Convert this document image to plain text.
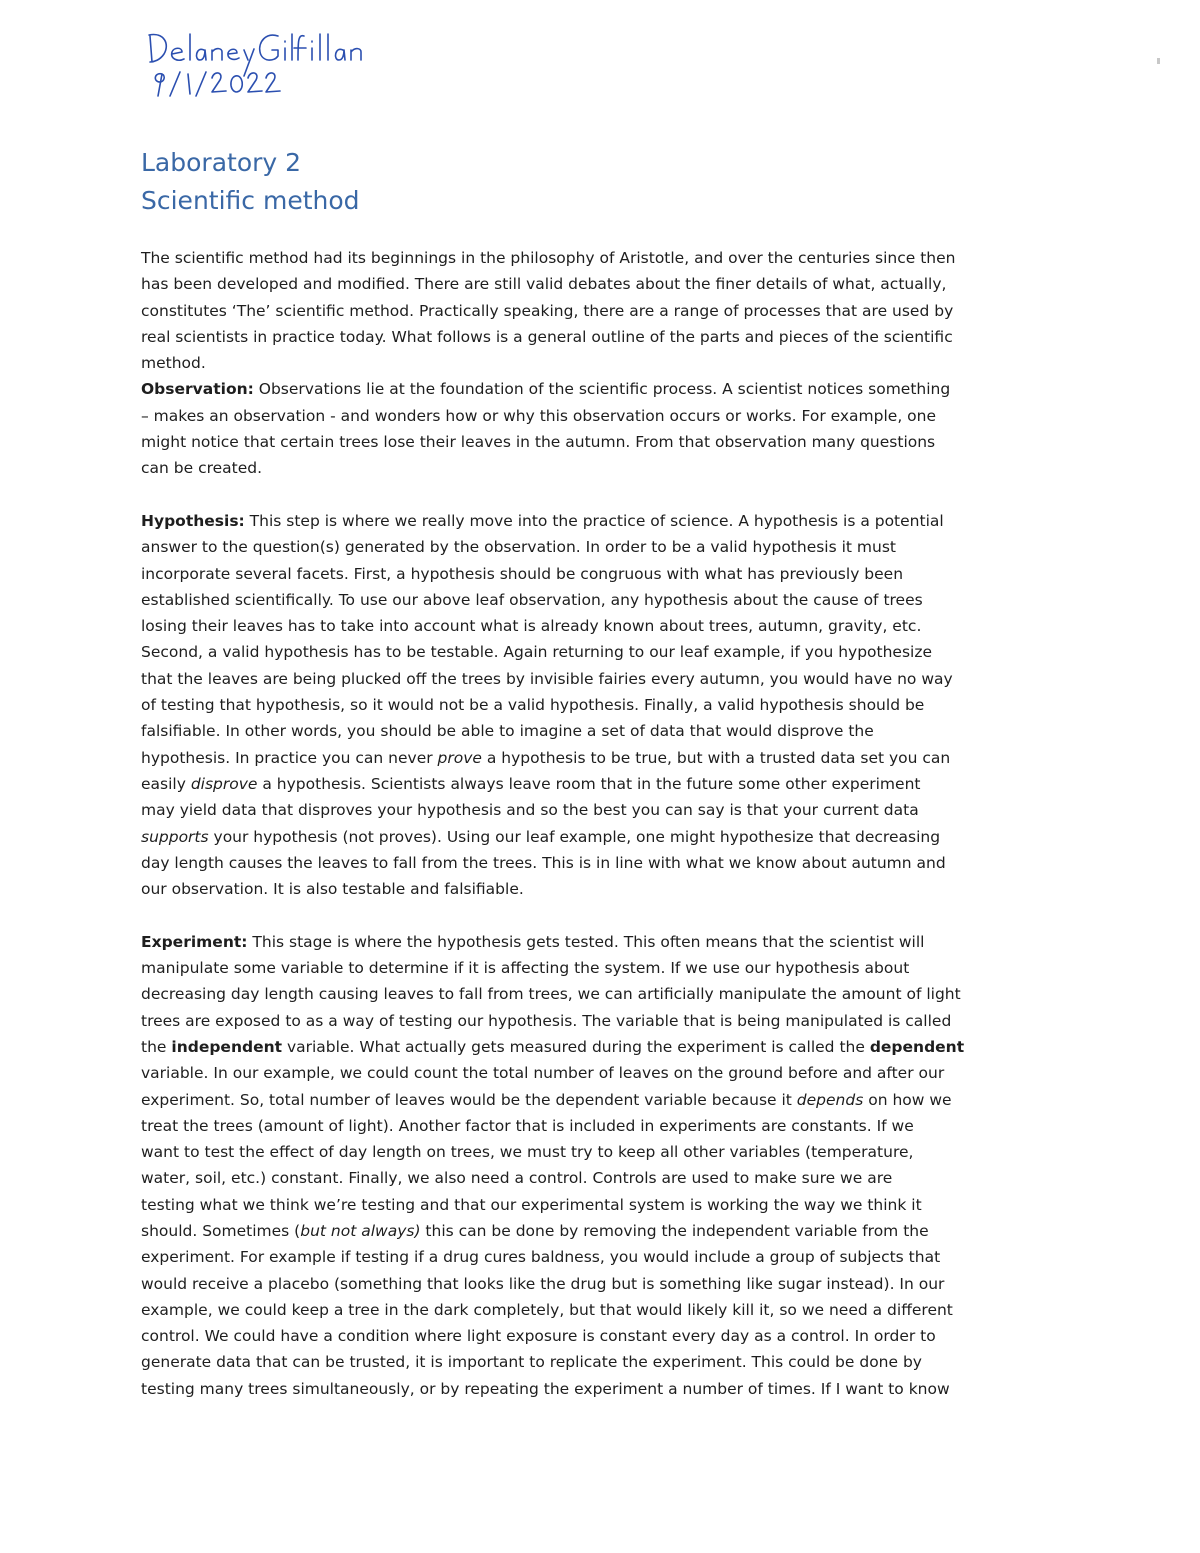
Laboratory 2
Scientific method
The scientific method had its beginnings in the philosophy of Aristotle, and over the centuries since then
has been developed and modified. There are still valid debates about the finer details of what, actually,
constitutes ‘The’ scientific method. Practically speaking, there are a range of processes that are used by
real scientists in practice today. What follows is a general outline of the parts and pieces of the scientific
method.
Observation: Observations lie at the foundation of the scientific process. A scientist notices something
– makes an observation - and wonders how or why this observation occurs or works. For example, one
might notice that certain trees lose their leaves in the autumn. From that observation many questions
can be created.
Hypothesis: This step is where we really move into the practice of science. A hypothesis is a potential
answer to the question(s) generated by the observation. In order to be a valid hypothesis it must
incorporate several facets. First, a hypothesis should be congruous with what has previously been
established scientifically. To use our above leaf observation, any hypothesis about the cause of trees
losing their leaves has to take into account what is already known about trees, autumn, gravity, etc.
Second, a valid hypothesis has to be testable. Again returning to our leaf example, if you hypothesize
that the leaves are being plucked off the trees by invisible fairies every autumn, you would have no way
of testing that hypothesis, so it would not be a valid hypothesis. Finally, a valid hypothesis should be
falsifiable. In other words, you should be able to imagine a set of data that would disprove the
hypothesis. In practice you can never prove a hypothesis to be true, but with a trusted data set you can
easily disprove a hypothesis. Scientists always leave room that in the future some other experiment
may yield data that disproves your hypothesis and so the best you can say is that your current data
supports your hypothesis (not proves). Using our leaf example, one might hypothesize that decreasing
day length causes the leaves to fall from the trees. This is in line with what we know about autumn and
our observation. It is also testable and falsifiable.
Experiment: This stage is where the hypothesis gets tested. This often means that the scientist will
manipulate some variable to determine if it is affecting the system. If we use our hypothesis about
decreasing day length causing leaves to fall from trees, we can artificially manipulate the amount of light
trees are exposed to as a way of testing our hypothesis. The variable that is being manipulated is called
the independent variable. What actually gets measured during the experiment is called the dependent
variable. In our example, we could count the total number of leaves on the ground before and after our
experiment. So, total number of leaves would be the dependent variable because it depends on how we
treat the trees (amount of light). Another factor that is included in experiments are constants. If we
want to test the effect of day length on trees, we must try to keep all other variables (temperature,
water, soil, etc.) constant. Finally, we also need a control. Controls are used to make sure we are
testing what we think we’re testing and that our experimental system is working the way we think it
should. Sometimes (but not always) this can be done by removing the independent variable from the
experiment. For example if testing if a drug cures baldness, you would include a group of subjects that
would receive a placebo (something that looks like the drug but is something like sugar instead). In our
example, we could keep a tree in the dark completely, but that would likely kill it, so we need a different
control. We could have a condition where light exposure is constant every day as a control. In order to
generate data that can be trusted, it is important to replicate the experiment. This could be done by
testing many trees simultaneously, or by repeating the experiment a number of times. If I want to know
